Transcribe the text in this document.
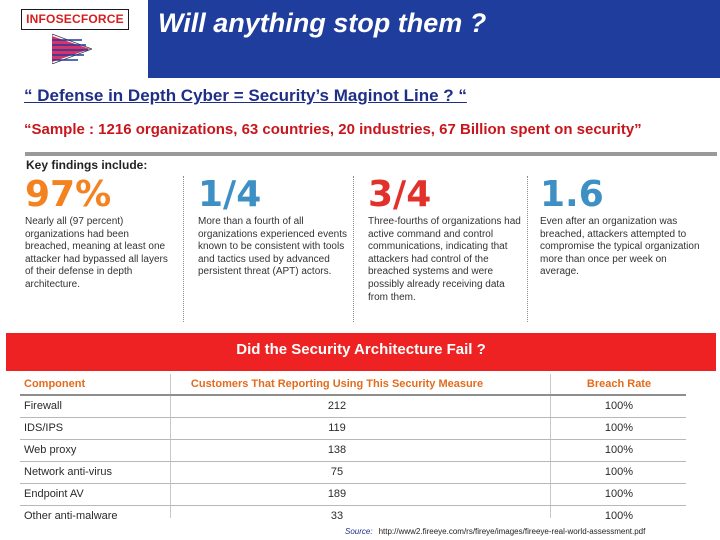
Will anything stop them ?
INFOSECFORCE
“ Defense in Depth Cyber = Security’s Maginot Line ? “
“Sample : 1216 organizations, 63 countries, 20 industries, 67 Billion spent on security”
Key findings include:
97%
Nearly all (97 percent) organizations had been breached, meaning at least one attacker had bypassed all layers of their defense in depth architecture.
1/4
More than a fourth of all organizations experienced events known to be consistent with tools and tactics used by advanced persistent threat (APT) actors.
3/4
Three-fourths of organizations had active command and control communications, indicating that attackers had control of the breached systems and were possibly already receiving data from them.
1.6
Even after an organization was breached, attackers attempted to compromise the typical organization more than once per week on average.
Did the Security Architecture Fail ?
Component	Customers That Reporting Using This Security Measure	Breach Rate
Firewall	212	100%
IDS/IPS	119	100%
Web proxy	138	100%
Network anti-virus	75	100%
Endpoint AV	189	100%
Other anti-malware	33	100%
Source: http://www2.fireeye.com/rs/fireye/images/fireeye-real-world-assessment.pdf
